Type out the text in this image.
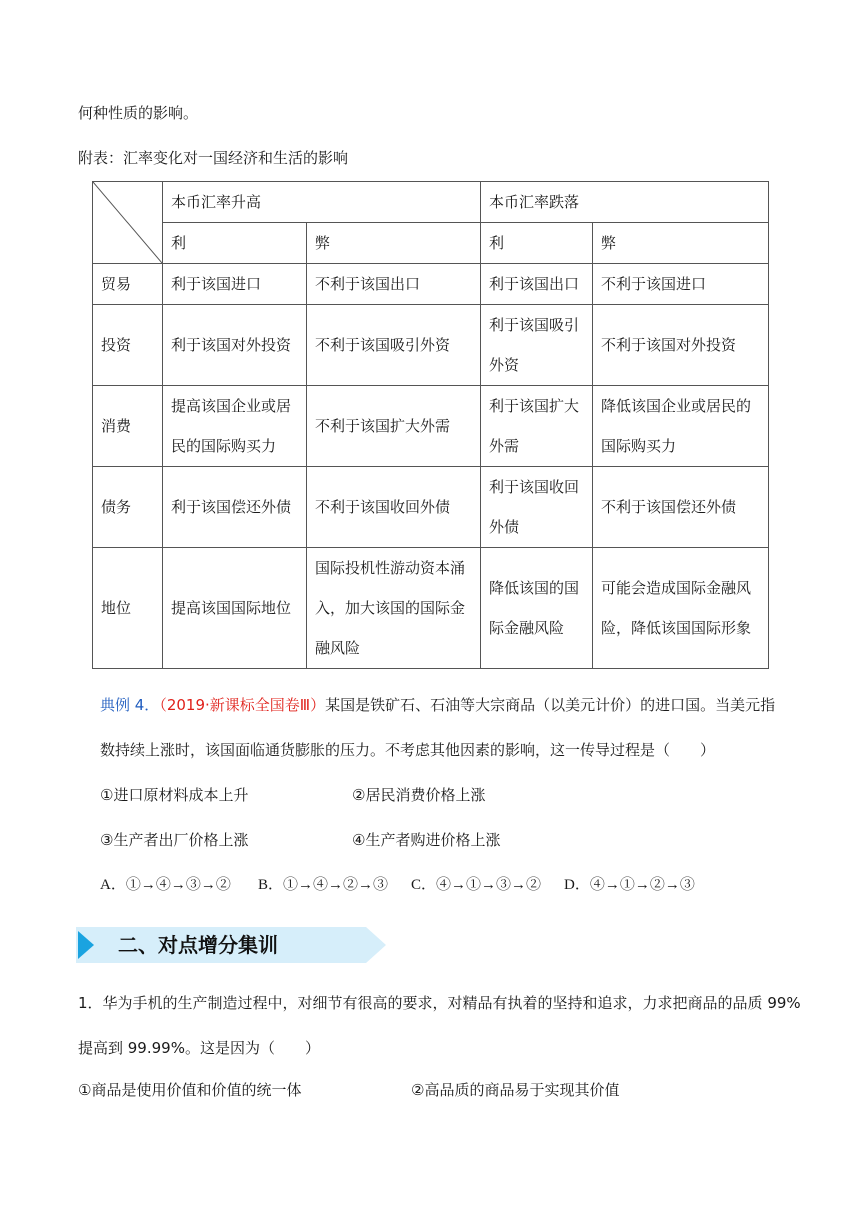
何种性质的影响。
附表：汇率变化对一国经济和生活的影响
	本币汇率升高		本币汇率跌落	
	利	弊	利	弊
贸易	利于该国进口	不利于该国出口	利于该国出口	不利于该国进口
投资	利于该国对外投资	不利于该国吸引外资	利于该国吸引外资	不利于该国对外投资
消费	提高该国企业或居民的国际购买力	不利于该国扩大外需	利于该国扩大外需	降低该国企业或居民的国际购买力
债务	利于该国偿还外债	不利于该国收回外债	利于该国收回外债	不利于该国偿还外债
地位	提高该国国际地位	国际投机性游动资本涌入，加大该国的国际金融风险	降低该国的国际金融风险	可能会造成国际金融风险，降低该国国际形象
典例 4．（2019·新课标全国卷Ⅲ）某国是铁矿石、石油等大宗商品（以美元计价）的进口国。当美元指
数持续上涨时，该国面临通货膨胀的压力。不考虑其他因素的影响，这一传导过程是（　　）
①进口原材料成本上升	②居民消费价格上涨
③生产者出厂价格上涨	④生产者购进价格上涨
A．①→④→③→② B．①→④→②→③ C．④→①→③→② D．④→①→②→③
二、对点增分集训
1．华为手机的生产制造过程中，对细节有很高的要求，对精品有执着的坚持和追求，力求把商品的品质 99%
提高到 99.99%。这是因为（　　）
①商品是使用价值和价值的统一体	②高品质的商品易于实现其价值
